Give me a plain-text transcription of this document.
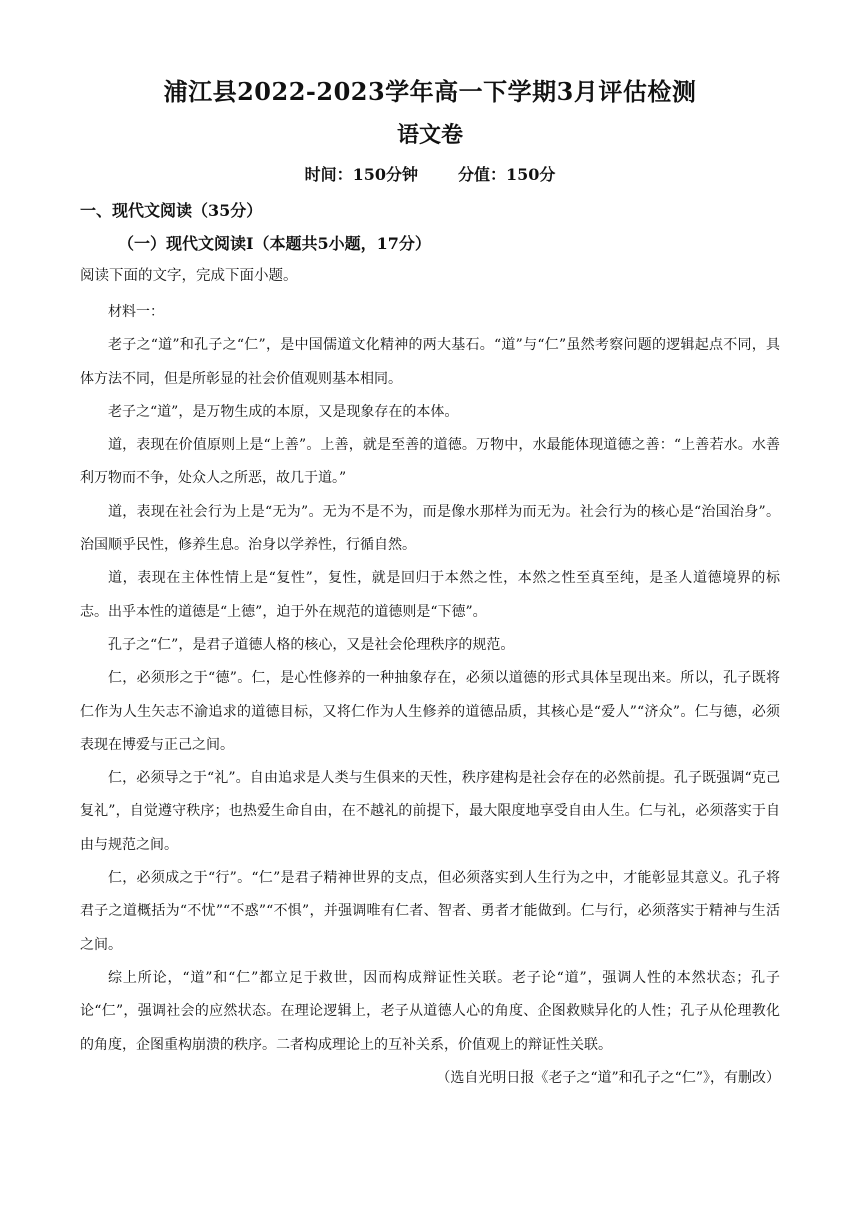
浦江县2022-2023学年高一下学期3月评估检测
语文卷
时间：150分钟	分值：150分
一、现代文阅读（35分）
（一）现代文阅读Ⅰ（本题共5小题，17分）
阅读下面的文字，完成下面小题。

材料一：

老子之“道”和孔子之“仁”，是中国儒道文化精神的两大基石。“道”与“仁”虽然考察问题的逻辑起点不同，具体方法不同，但是所彰显的社会价值观则基本相同。

老子之“道”，是万物生成的本原，又是现象存在的本体。

道，表现在价值原则上是“上善”。上善，就是至善的道德。万物中，水最能体现道德之善：“上善若水。水善利万物而不争，处众人之所恶，故几于道。”

道，表现在社会行为上是“无为”。无为不是不为，而是像水那样为而无为。社会行为的核心是“治国治身”。治国顺乎民性，修养生息。治身以学养性，行循自然。

道，表现在主体性情上是“复性”，复性，就是回归于本然之性，本然之性至真至纯，是圣人道德境界的标志。出乎本性的道德是“上德”，迫于外在规范的道德则是“下德”。

孔子之“仁”，是君子道德人格的核心，又是社会伦理秩序的规范。

仁，必须形之于“德”。仁，是心性修养的一种抽象存在，必须以道德的形式具体呈现出来。所以，孔子既将仁作为人生矢志不渝追求的道德目标，又将仁作为人生修养的道德品质，其核心是“爱人”“济众”。仁与德，必须表现在博爱与正己之间。

仁，必须导之于“礼”。自由追求是人类与生俱来的天性，秩序建构是社会存在的必然前提。孔子既强调“克己复礼”，自觉遵守秩序；也热爱生命自由，在不越礼的前提下，最大限度地享受自由人生。仁与礼，必须落实于自由与规范之间。

仁，必须成之于“行”。“仁”是君子精神世界的支点，但必须落实到人生行为之中，才能彰显其意义。孔子将君子之道概括为“不忧”“不惑”“不惧”，并强调唯有仁者、智者、勇者才能做到。仁与行，必须落实于精神与生活之间。

综上所论，“道”和“仁”都立足于救世，因而构成辩证性关联。老子论“道”，强调人性的本然状态；孔子论“仁”，强调社会的应然状态。在理论逻辑上，老子从道德人心的角度、企图救赎异化的人性；孔子从伦理教化的角度，企图重构崩溃的秩序。二者构成理论上的互补关系，价值观上的辩证性关联。

（选自光明日报《老子之“道”和孔子之“仁”》，有删改）
